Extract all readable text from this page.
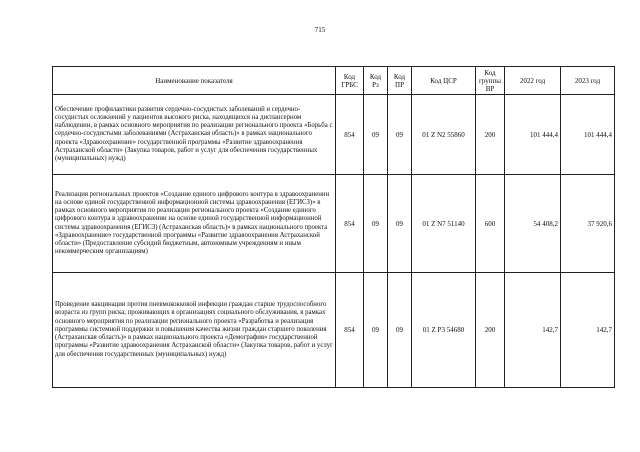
715
Наименование показателя	Код ГРБС	Код Рз	Код ПР	Код ЦСР	Код группы ВР	2022 год	2023 год
Обеспечение профилактики развития сердечно-сосудистых заболеваний и сердечно-сосудистых осложнений у пациентов высокого риска, находящихся на диспансерном наблюдении, в рамках основного мероприятия по реализации регионального проекта «Борьба с сердечно-сосудистыми заболеваниями (Астраханская область)» в рамках национального проекта «Здравоохранение» государственной программы «Развитие здравоохранения Астраханской области» (Закупка товаров, работ и услуг для обеспечения государственных (муниципальных) нужд)	854	09	09	01 Z N2 55860	200	101 444,4	101 444,4
Реализация региональных проектов «Создание единого цифрового контура в здравоохранении на основе единой государственной информационной системы здравоохранения (ЕГИСЗ)» в рамках основного мероприятия по реализации регионального проекта «Создание единого цифрового контура в здравоохранении на основе единой государственной информационной системы здравоохранения (ЕГИСЗ) (Астраханская область)» в рамках национального проекта «Здравоохранение» государственной программы «Развитие здравоохранения Астраханской области» (Предоставление субсидий бюджетным, автономным учреждениям и иным некоммерческим организациям)	854	09	09	01 Z N7 51140	600	54 408,2	37 920,6
Проведение вакцинации против пневмококковой инфекции граждан старше трудоспособного возраста из групп риска, проживающих в организациях социального обслуживания, в рамках основного мероприятия по реализации регионального проекта «Разработка и реализация программы системной поддержки и повышения качества жизни граждан старшего поколения (Астраханская область)» в рамках национального проекта «Демография» государственной программы «Развитие здравоохранения Астраханской области» (Закупка товаров, работ и услуг для обеспечения государственных (муниципальных) нужд)	854	09	09	01 Z P3 54680	200	142,7	142,7
